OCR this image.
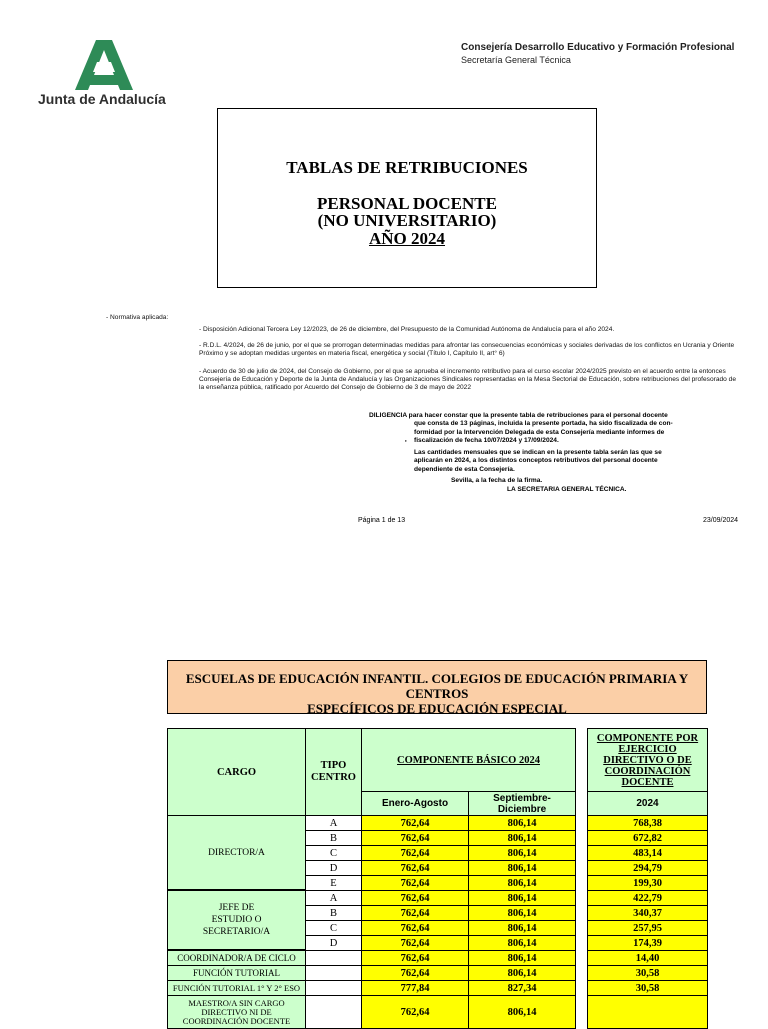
Junta de Andalucía
Consejería Desarrollo Educativo y Formación Profesional
Secretaría General Técnica
TABLAS DE RETRIBUCIONES
PERSONAL DOCENTE
(NO UNIVERSITARIO)
AÑO 2024
- Normativa aplicada:
- Disposición Adicional Tercera Ley 12/2023, de 26 de diciembre, del Presupuesto de la Comunidad Autónoma de Andalucía para el año 2024.
- R.D.L. 4/2024, de 26 de junio, por el que se prorrogan determinadas medidas para afrontar las consecuencias económicas y sociales derivadas de los conflictos en Ucrania y Oriente Próximo y se adoptan medidas urgentes en materia fiscal, energética y social (Título I, Capítulo II, art° 6)
- Acuerdo de 30 de julio de 2024, del Consejo de Gobierno, por el que se aprueba el incremento retributivo para el curso escolar 2024/2025 previsto en el acuerdo entre la entonces Consejería de Educación y Deporte de la Junta de Andalucía y las Organizaciones Sindicales representadas en la Mesa Sectorial de Educación, sobre retribuciones del profesorado de la enseñanza pública, ratificado por Acuerdo del Consejo de Gobierno de 3 de mayo de 2022
DILIGENCIA para hacer constar que la presente tabla de retribuciones para el personal docente
que consta de 13 páginas, incluida la presente portada, ha sido fiscalizada de con-
formidad por la Intervención Delegada de esta Consejería mediante informes de
fiscalización de fecha 10/07/2024 y 17/09/2024.
Las cantidades mensuales que se indican en la presente tabla serán las que se
aplicarán en 2024, a los distintos conceptos retributivos del personal docente
dependiente de esta Consejería.
Sevilla, a la fecha de la firma.
LA SECRETARIA GENERAL TÉCNICA.
'
Página 1 de 13	23/09/2024
ESCUELAS DE EDUCACIÓN INFANTIL. COLEGIOS DE EDUCACIÓN PRIMARIA Y CENTROS
ESPECÍFICOS DE EDUCACIÓN ESPECIAL
CARGO
TIPO CENTRO
COMPONENTE BÁSICO 2024
Enero-Agosto	Septiembre-Diciembre
COMPONENTE POR EJERCICIO DIRECTIVO O DE COORDINACIÓN DOCENTE
2024
DIRECTOR/A
A	762,64	806,14	768,38
B	762,64	806,14	672,82
C	762,64	806,14	483,14
D	762,64	806,14	294,79
E	762,64	806,14	199,30
JEFE DE
ESTUDIO O
SECRETARIO/A
A	762,64	806,14	422,79
B	762,64	806,14	340,37
C	762,64	806,14	257,95
D	762,64	806,14	174,39
COORDINADOR/A DE CICLO	762,64	806,14	14,40
FUNCIÓN TUTORIAL	762,64	806,14	30,58
FUNCIÓN TUTORIAL 1° Y 2° ESO	777,84	827,34	30,58
MAESTRO/A SIN CARGO
DIRECTIVO NI DE
COORDINACIÓN DOCENTE
762,64	806,14
